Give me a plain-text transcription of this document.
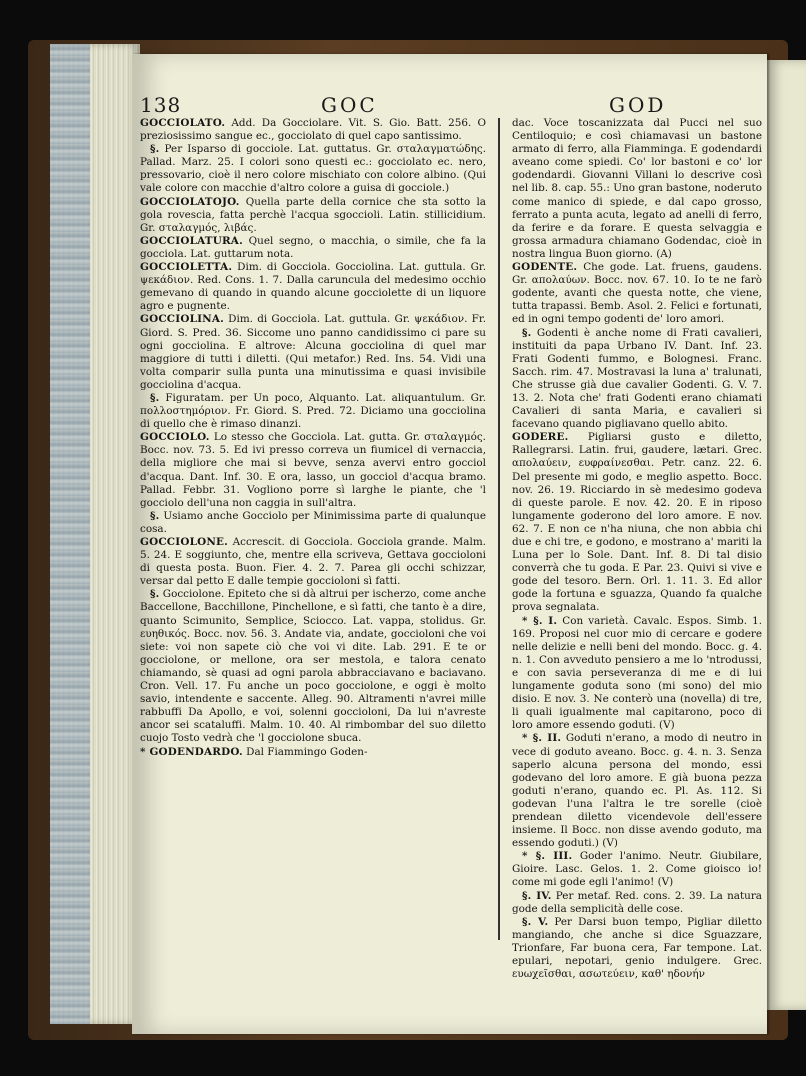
138	GOC	GOD
GOCCIOLATO. Add. Da Gocciolare. Vit. S. Gio. Batt. 256. O preziosissimo sangue ec., gocciolato di quel capo santissimo.
§. Per Isparso di gocciole. Lat. guttatus. Gr. σταλαγματώδης. Pallad. Marz. 25. I colori sono questi ec.: gocciolato ec. nero, pressovario, cioè il nero colore mischiato con colore albino. (Qui vale colore con macchie d'altro colore a guisa di gocciole.)
GOCCIOLATOJO. Quella parte della cornice che sta sotto la gola rovescia, fatta perchè l'acqua sgoccioli. Latin. stillicidium. Gr. σταλαγμός, λιβάς.
GOCCIOLATURA. Quel segno, o macchia, o simile, che fa la gocciola. Lat. guttarum nota.
GOCCIOLETTA. Dim. di Gocciola. Gocciolina. Lat. guttula. Gr. ψεκάδιον. Red. Cons. 1. 7. Dalla caruncula del medesimo occhio gemevano di quando in quando alcune gocciolette di un liquore agro e pugnente.
GOCCIOLINA. Dim. di Gocciola. Lat. guttula. Gr. ψεκάδιον. Fr. Giord. S. Pred. 36. Siccome uno panno candidissimo ci pare su ogni gocciolina. E altrove: Alcuna gocciolina di quel mar maggiore di tutti i diletti. (Qui metafor.) Red. Ins. 54. Vidi una volta comparir sulla punta una minutissima e quasi invisibile gocciolina d'acqua.
§. Figuratam. per Un poco, Alquanto. Lat. aliquantulum. Gr. πολλοστημόριον. Fr. Giord. S. Pred. 72. Diciamo una gocciolina di quello che è rimaso dinanzi.
GOCCIOLO. Lo stesso che Gocciola. Lat. gutta. Gr. σταλαγμός. Bocc. nov. 73. 5. Ed ivi presso correva un fiumicel di vernaccia, della migliore che mai si bevve, senza avervi entro gocciol d'acqua. Dant. Inf. 30. E ora, lasso, un gocciol d'acqua bramo. Pallad. Febbr. 31. Vogliono porre sì larghe le piante, che 'l gocciolo dell'una non caggia in sull'altra.
§. Usiamo anche Gocciolo per Minimissima parte di qualunque cosa.
GOCCIOLONE. Accrescit. di Gocciola. Gocciola grande. Malm. 5. 24. E soggiunto, che, mentre ella scriveva, Gettava goccioloni di questa posta. Buon. Fier. 4. 2. 7. Parea gli occhi schizzar, versar dal petto E dalle tempie goccioloni sì fatti.
§. Gocciolone. Epiteto che si dà altrui per ischerzo, come anche Baccellone, Bacchillone, Pinchellone, e sì fatti, che tanto è a dire, quanto Scimunito, Semplice, Sciocco. Lat. vappa, stolidus. Gr. ευηθικός. Bocc. nov. 56. 3. Andate via, andate, goccioloni che voi siete: voi non sapete ciò che voi vi dite. Lab. 291. E te or gocciolone, or mellone, ora ser mestola, e talora cenato chiamando, sè quasi ad ogni parola abbracciavano e baciavano. Cron. Vell. 17. Fu anche un poco gocciolone, e oggi è molto savio, intendente e saccente. Alleg. 90. Altramenti n'avrei mille rabbuffi Da Apollo, e voi, solenni goccioloni, Da lui n'avreste ancor sei scataluffi. Malm. 10. 40. Al rimbombar del suo diletto cuojo Tosto vedrà che 'l gocciolone sbuca.
* GODENDARDO. Dal Fiammingo Goden-
dac. Voce toscanizzata dal Pucci nel suo Centiloquio; e così chiamavasi un bastone armato di ferro, alla Fiamminga. E godendardi aveano come spiedi. Co' lor bastoni e co' lor godendardi. Giovanni Villani lo descrive così nel lib. 8. cap. 55.: Uno gran bastone, noderuto come manico di spiede, e dal capo grosso, ferrato a punta acuta, legato ad anelli di ferro, da ferire e da forare. E questa selvaggia e grossa armadura chiamano Godendac, cioè in nostra lingua Buon giorno. (A)
GODENTE. Che gode. Lat. fruens, gaudens. Gr. απολαύων. Bocc. nov. 67. 10. Io te ne farò godente, avanti che questa notte, che viene, tutta trapassi. Bemb. Asol. 2. Felici e fortunati, ed in ogni tempo godenti de' loro amori.
§. Godenti è anche nome di Frati cavalieri, instituiti da papa Urbano IV. Dant. Inf. 23. Frati Godenti fummo, e Bolognesi. Franc. Sacch. rim. 47. Mostravasi la luna a' tralunati, Che strusse già due cavalier Godenti. G. V. 7. 13. 2. Nota che' frati Godenti erano chiamati Cavalieri di santa Maria, e cavalieri si facevano quando pigliavano quello abito.
GODERE. Pigliarsi gusto e diletto, Rallegrarsi. Latin. frui, gaudere, lætari. Grec. απολαύειν, ευφραίνεσθαι. Petr. canz. 22. 6. Del presente mi godo, e meglio aspetto. Bocc. nov. 26. 19. Ricciardo in sè medesimo godeva di queste parole. E nov. 42. 20. E in riposo lungamente goderono del loro amore. E nov. 62. 7. E non ce n'ha niuna, che non abbia chi due e chi tre, e godono, e mostrano a' mariti la Luna per lo Sole. Dant. Inf. 8. Di tal disio converrà che tu goda. E Par. 23. Quivi si vive e gode del tesoro. Bern. Orl. 1. 11. 3. Ed allor gode la fortuna e sguazza, Quando fa qualche prova segnalata.
* §. I. Con varietà. Cavalc. Espos. Simb. 1. 169. Proposi nel cuor mio di cercare e godere nelle delizie e nelli beni del mondo. Bocc. g. 4. n. 1. Con avveduto pensiero a me lo 'ntrodussi, e con savia perseveranza di me e di lui lungamente goduta sono (mi sono) del mio disio. E nov. 3. Ne conterò una (novella) di tre, li quali igualmente mal capitarono, poco di loro amore essendo goduti. (V)
* §. II. Goduti n'erano, a modo di neutro in vece di goduto aveano. Bocc. g. 4. n. 3. Senza saperlo alcuna persona del mondo, essi godevano del loro amore. E già buona pezza goduti n'erano, quando ec. Pl. As. 112. Si godevan l'una l'altra le tre sorelle (cioè prendean diletto vicendevole dell'essere insieme. Il Bocc. non disse avendo goduto, ma essendo goduti.) (V)
* §. III. Goder l'animo. Neutr. Giubilare, Gioire. Lasc. Gelos. 1. 2. Come gioisco io! come mi gode egli l'animo! (V)
§. IV. Per metaf. Red. cons. 2. 39. La natura gode della semplicità delle cose.
§. V. Per Darsi buon tempo, Pigliar diletto mangiando, che anche si dice Sguazzare, Trionfare, Far buona cera, Far tempone. Lat. epulari, nepotari, genio indulgere. Grec. ευωχεῖσθαι, ασωτεύειν, καθ' ηδονήν
